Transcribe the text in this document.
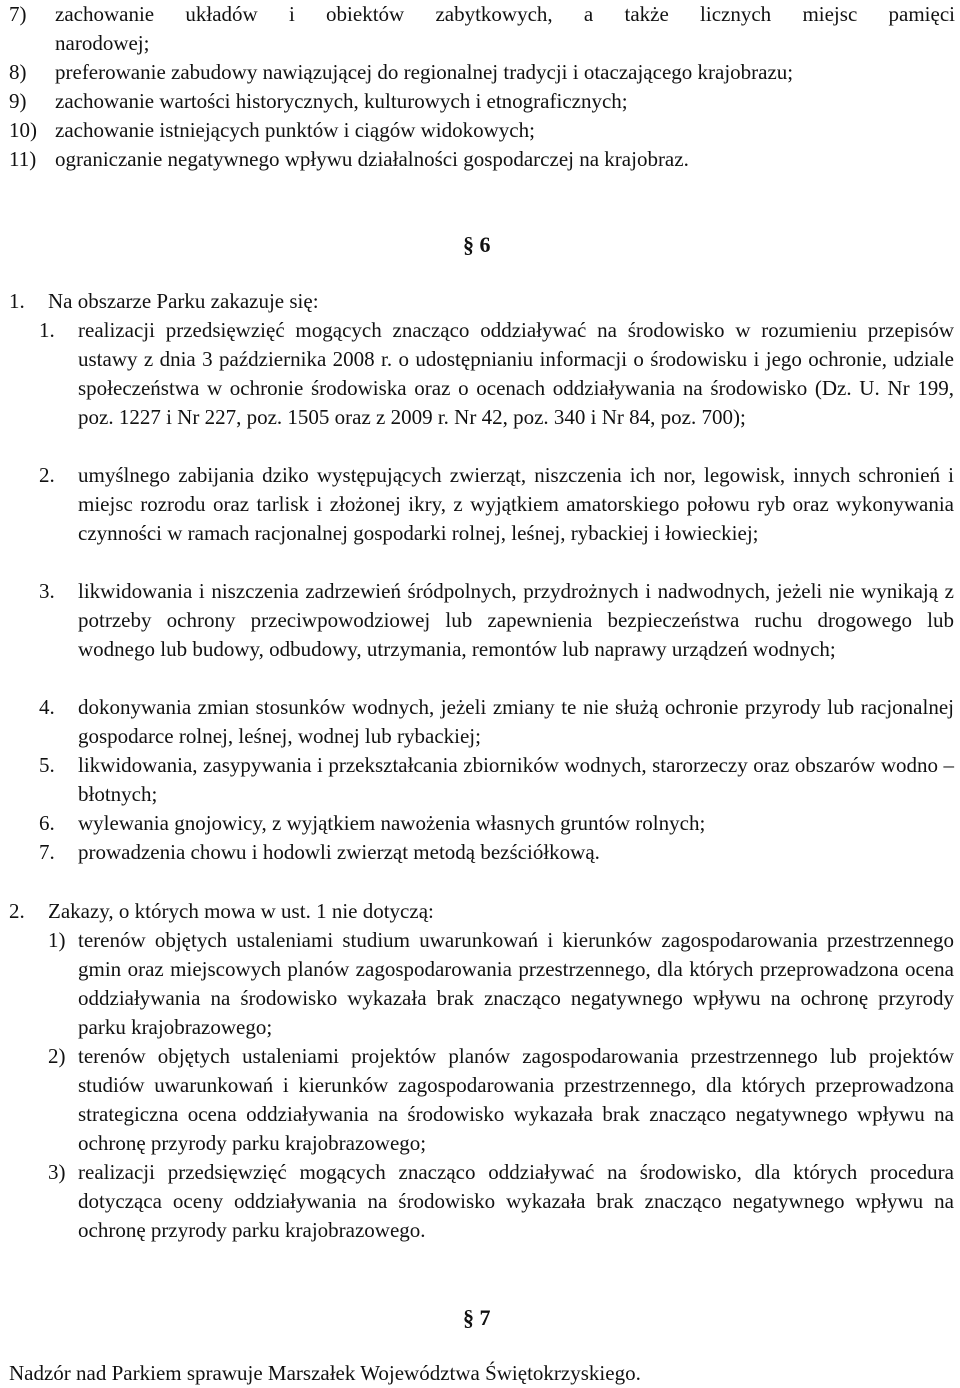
7) zachowanie układów i obiektów zabytkowych, a także licznych miejsc pamięci
narodowej;
8) preferowanie zabudowy nawiązującej do regionalnej tradycji i otaczającego krajobrazu;
9) zachowanie wartości historycznych, kulturowych i etnograficznych;
10) zachowanie istniejących punktów i ciągów widokowych;
11) ograniczanie negatywnego wpływu działalności gospodarczej na krajobraz.
§ 6
1. Na obszarze Parku zakazuje się:
1. realizacji przedsięwzięć mogących znacząco oddziaływać na środowisko w rozumieniu przepisów ustawy z dnia 3 października 2008 r. o udostępnianiu informacji o środowisku i jego ochronie, udziale społeczeństwa w ochronie środowiska oraz o ocenach oddziaływania na środowisko (Dz. U. Nr 199, poz. 1227 i Nr 227, poz. 1505 oraz z 2009 r. Nr 42, poz. 340 i Nr 84, poz. 700);
2. umyślnego zabijania dziko występujących zwierząt, niszczenia ich nor, legowisk, innych schronień i miejsc rozrodu oraz tarlisk i złożonej ikry, z wyjątkiem amatorskiego połowu ryb oraz wykonywania czynności w ramach racjonalnej gospodarki rolnej, leśnej, rybackiej i łowieckiej;
3. likwidowania i niszczenia zadrzewień śródpolnych, przydrożnych i nadwodnych, jeżeli nie wynikają z potrzeby ochrony przeciwpowodziowej lub zapewnienia bezpieczeństwa ruchu drogowego lub wodnego lub budowy, odbudowy, utrzymania, remontów lub naprawy urządzeń wodnych;
4. dokonywania zmian stosunków wodnych, jeżeli zmiany te nie służą ochronie przyrody lub racjonalnej gospodarce rolnej, leśnej, wodnej lub rybackiej;
5. likwidowania, zasypywania i przekształcania zbiorników wodnych, starorzeczy oraz obszarów wodno – błotnych;
6. wylewania gnojowicy, z wyjątkiem nawożenia własnych gruntów rolnych;
7. prowadzenia chowu i hodowli zwierząt metodą bezściółkową.
2. Zakazy, o których mowa w ust. 1 nie dotyczą:
1) terenów objętych ustaleniami studium uwarunkowań i kierunków zagospodarowania przestrzennego gmin oraz miejscowych planów zagospodarowania przestrzennego, dla których przeprowadzona ocena oddziaływania na środowisko wykazała brak znacząco negatywnego wpływu na ochronę przyrody parku krajobrazowego;
2) terenów objętych ustaleniami projektów planów zagospodarowania przestrzennego lub projektów studiów uwarunkowań i kierunków zagospodarowania przestrzennego, dla których przeprowadzona strategiczna ocena oddziaływania na środowisko wykazała brak znacząco negatywnego wpływu na ochronę przyrody parku krajobrazowego;
3) realizacji przedsięwzięć mogących znacząco oddziaływać na środowisko, dla których procedura dotycząca oceny oddziaływania na środowisko wykazała brak znacząco negatywnego wpływu na ochronę przyrody parku krajobrazowego.
§ 7
Nadzór nad Parkiem sprawuje Marszałek Województwa Świętokrzyskiego.
